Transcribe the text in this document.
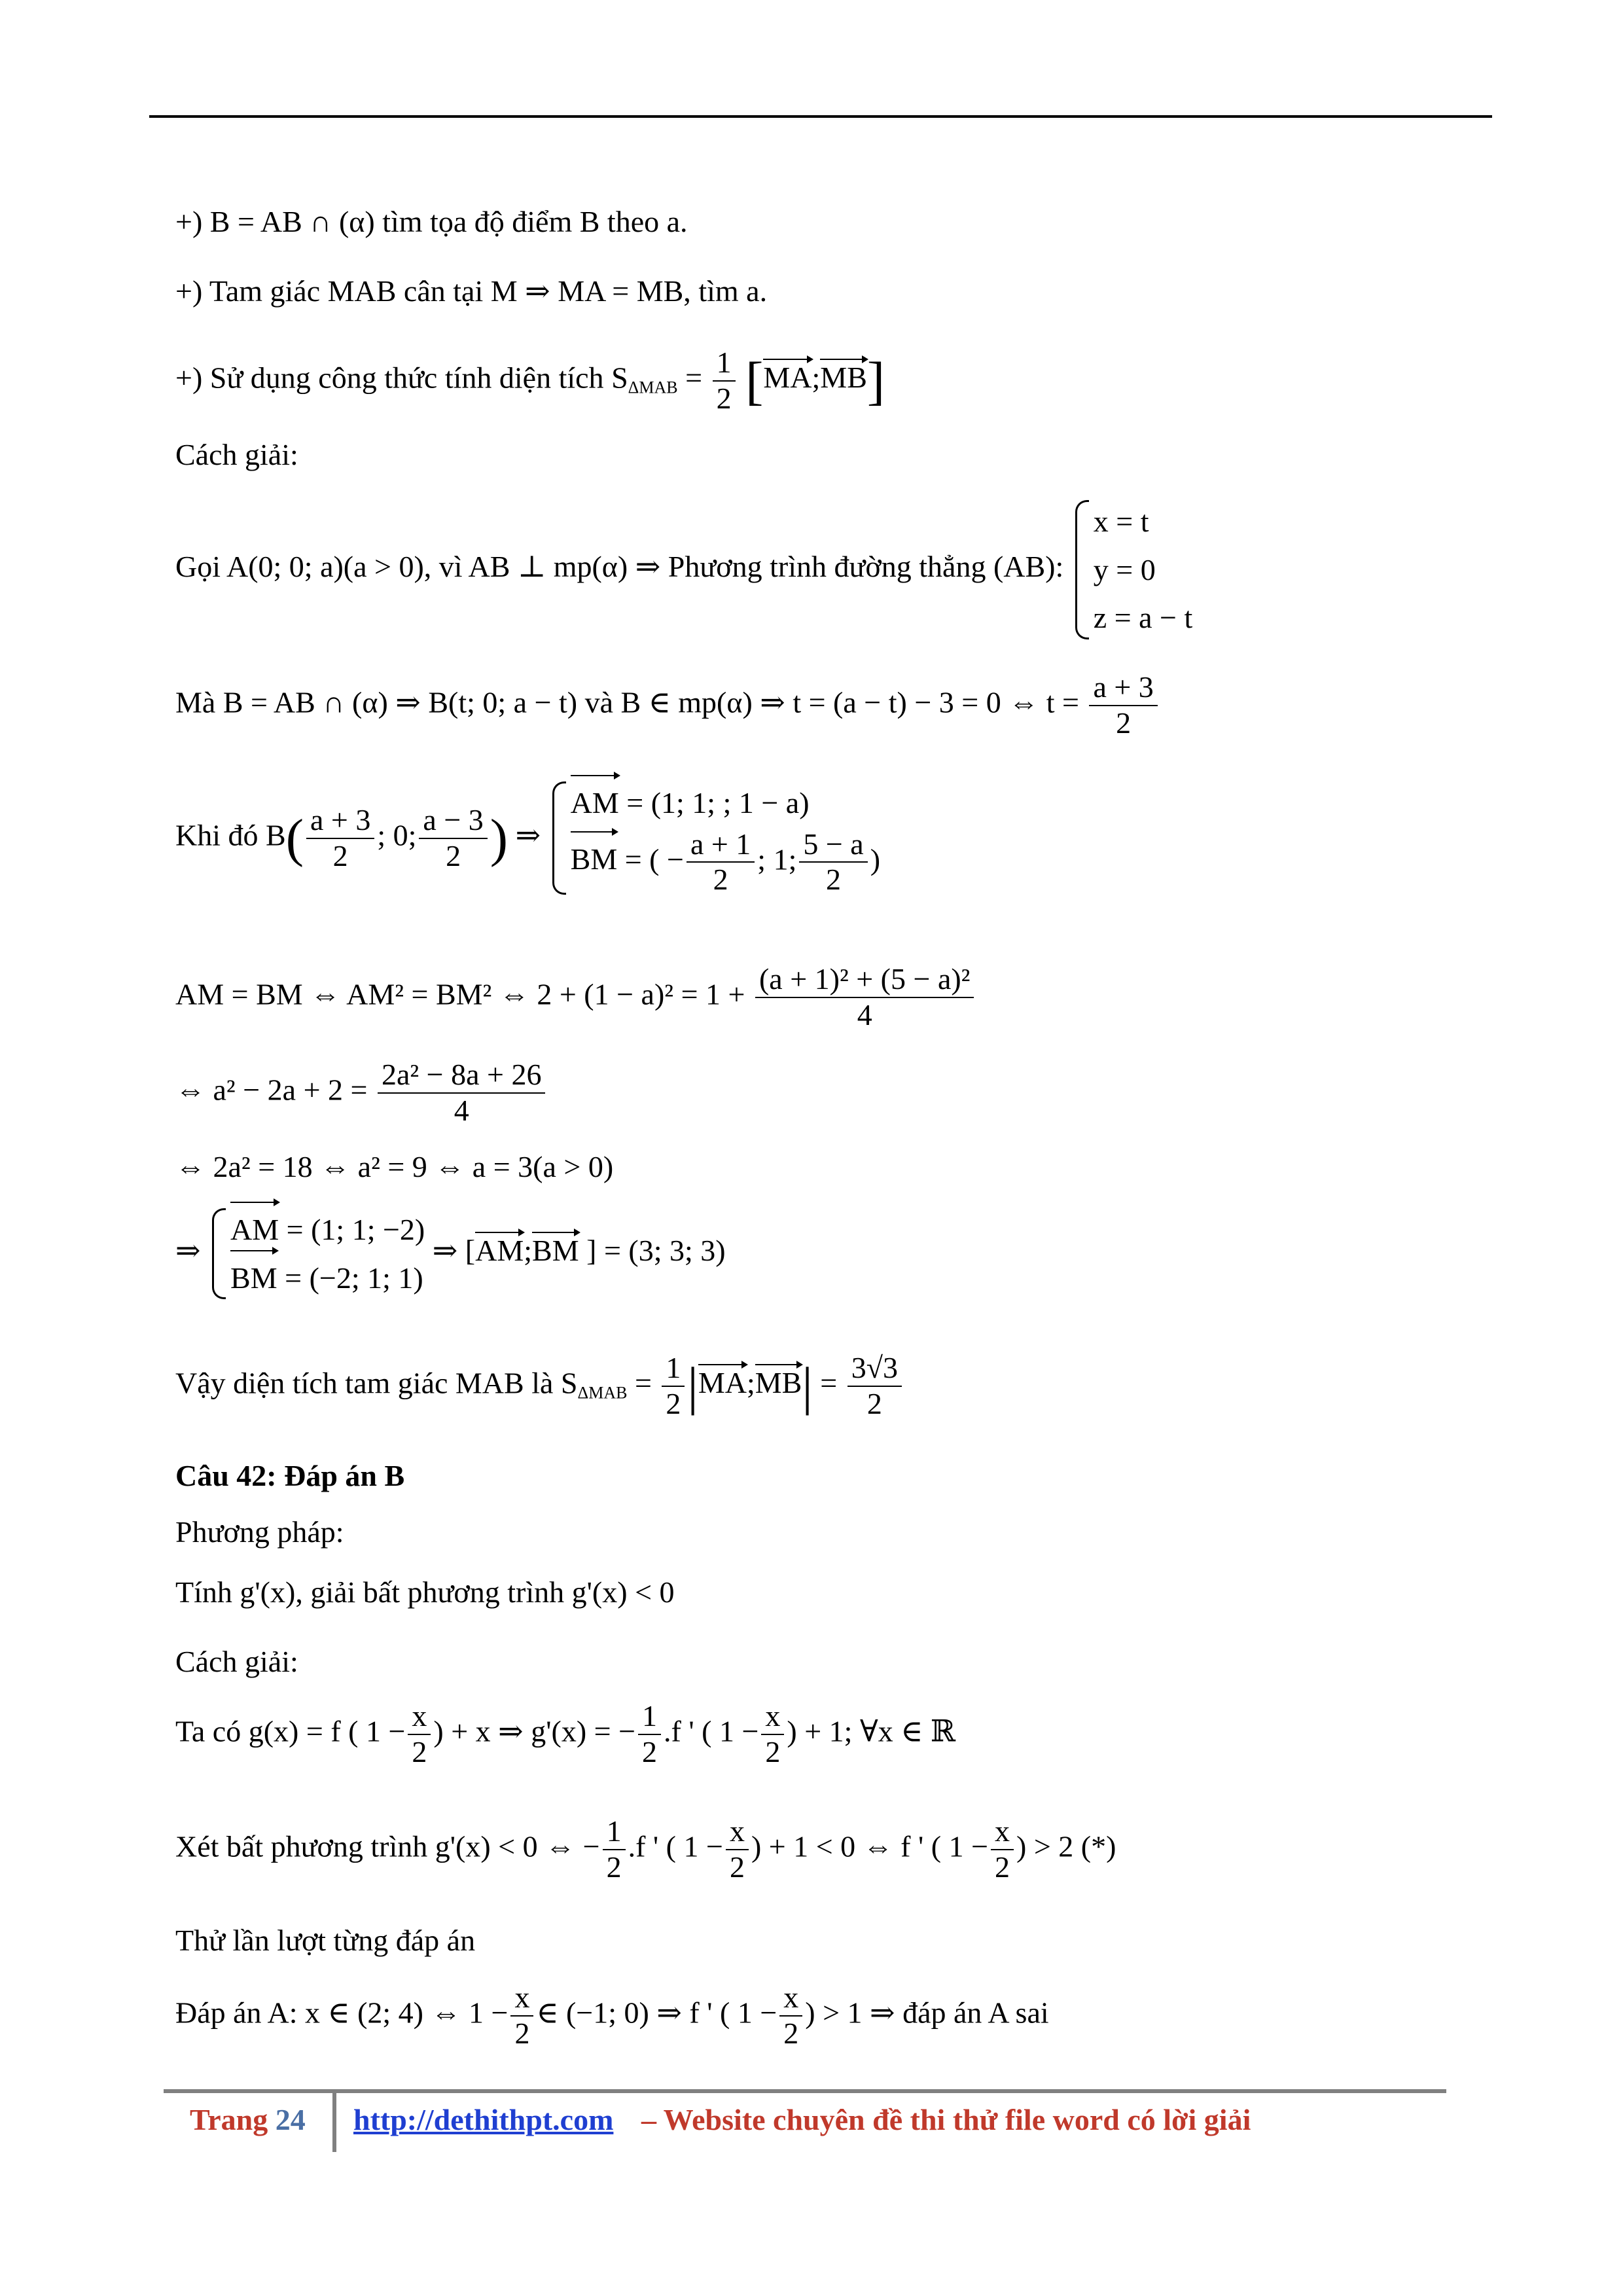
+) B = AB ∩ (α) tìm tọa độ điểm B theo a.
+) Tam giác MAB cân tại M ⇒ MA = MB, tìm a.
+) Sử dụng công thức tính diện tích $S_{\Delta MAB} = \frac{1}{2}$ [MA;MB]
Cách giải:
Gọi A(0; 0; a)(a > 0), vì AB ⊥ mp(α) ⇒ Phương trình đường thẳng (AB):
x = t
y = 0
z = a − t
Mà B = AB ∩ (α) ⇒ B(t; 0; a − t) và B ∈ mp(α) ⇒ t = (a − t) − 3 = 0 ⇔ $t = \frac{a + 3}{2}$
Khi đó $B( \frac{a + 3}{2}$ ; 0; $\frac{a - 3}{2}$ ) ⇒
AM = (1; 1; ; 1 − a)
BM = ( − $\frac{a + 1}{2}$ ; 1; $\frac{5 - a}{2}$ )
AM = BM ⇔ AM² = BM² ⇔ $2 + (1 - a)^2 = 1 + \frac{\text{(a + 1)² + (5 − a)²}}{4}$
⇔ $a^2 - 2a + 2 = \frac{\text{2a² − 8a + 26}}{4}$
⇔ 2a² = 18 ⇔ a² = 9 ⇔ a = 3(a > 0)
⇒
AM = (1; 1; −2)
BM = (−2; 1; 1)
⇒ [AM;BM ] = (3; 3; 3)
Vậy diện tích tam giác MAB là $S_{\Delta MAB} = \frac{1}{2}$ |MA;MB| = $\frac{3√3}{2}$
Câu 42: Đáp án B
Phương pháp:
Tính g'(x), giải bất phương trình g'(x) < 0
Cách giải:
Ta có g(x) = f ( $1 - \frac{x}{2}$ ) + x ⇒ g'(x) = − $\frac{1}{2} .f$ ' ( $1 - \frac{x}{2}$ ) + 1; ∀x ∈ ℝ
Xét bất phương trình g'(x) < 0 ⇔ − $\frac{1}{2} .f$ ' ( $1 - \frac{x}{2}$ ) + 1 < 0 ⇔ f ' ( $1 - \frac{x}{2}$ ) > 2 (*)
Thử lần lượt từng đáp án
Đáp án A: x ∈ (2; 4) ⇔ $1 - \frac{x}{2}$ ∈ (−1; 0) ⇒ f ' ( $1 - \frac{x}{2}$ ) > 1 ⇒ đáp án A sai
Trang 24 http://dethithpt.com – Website chuyên đề thi thử file word có lời giải
